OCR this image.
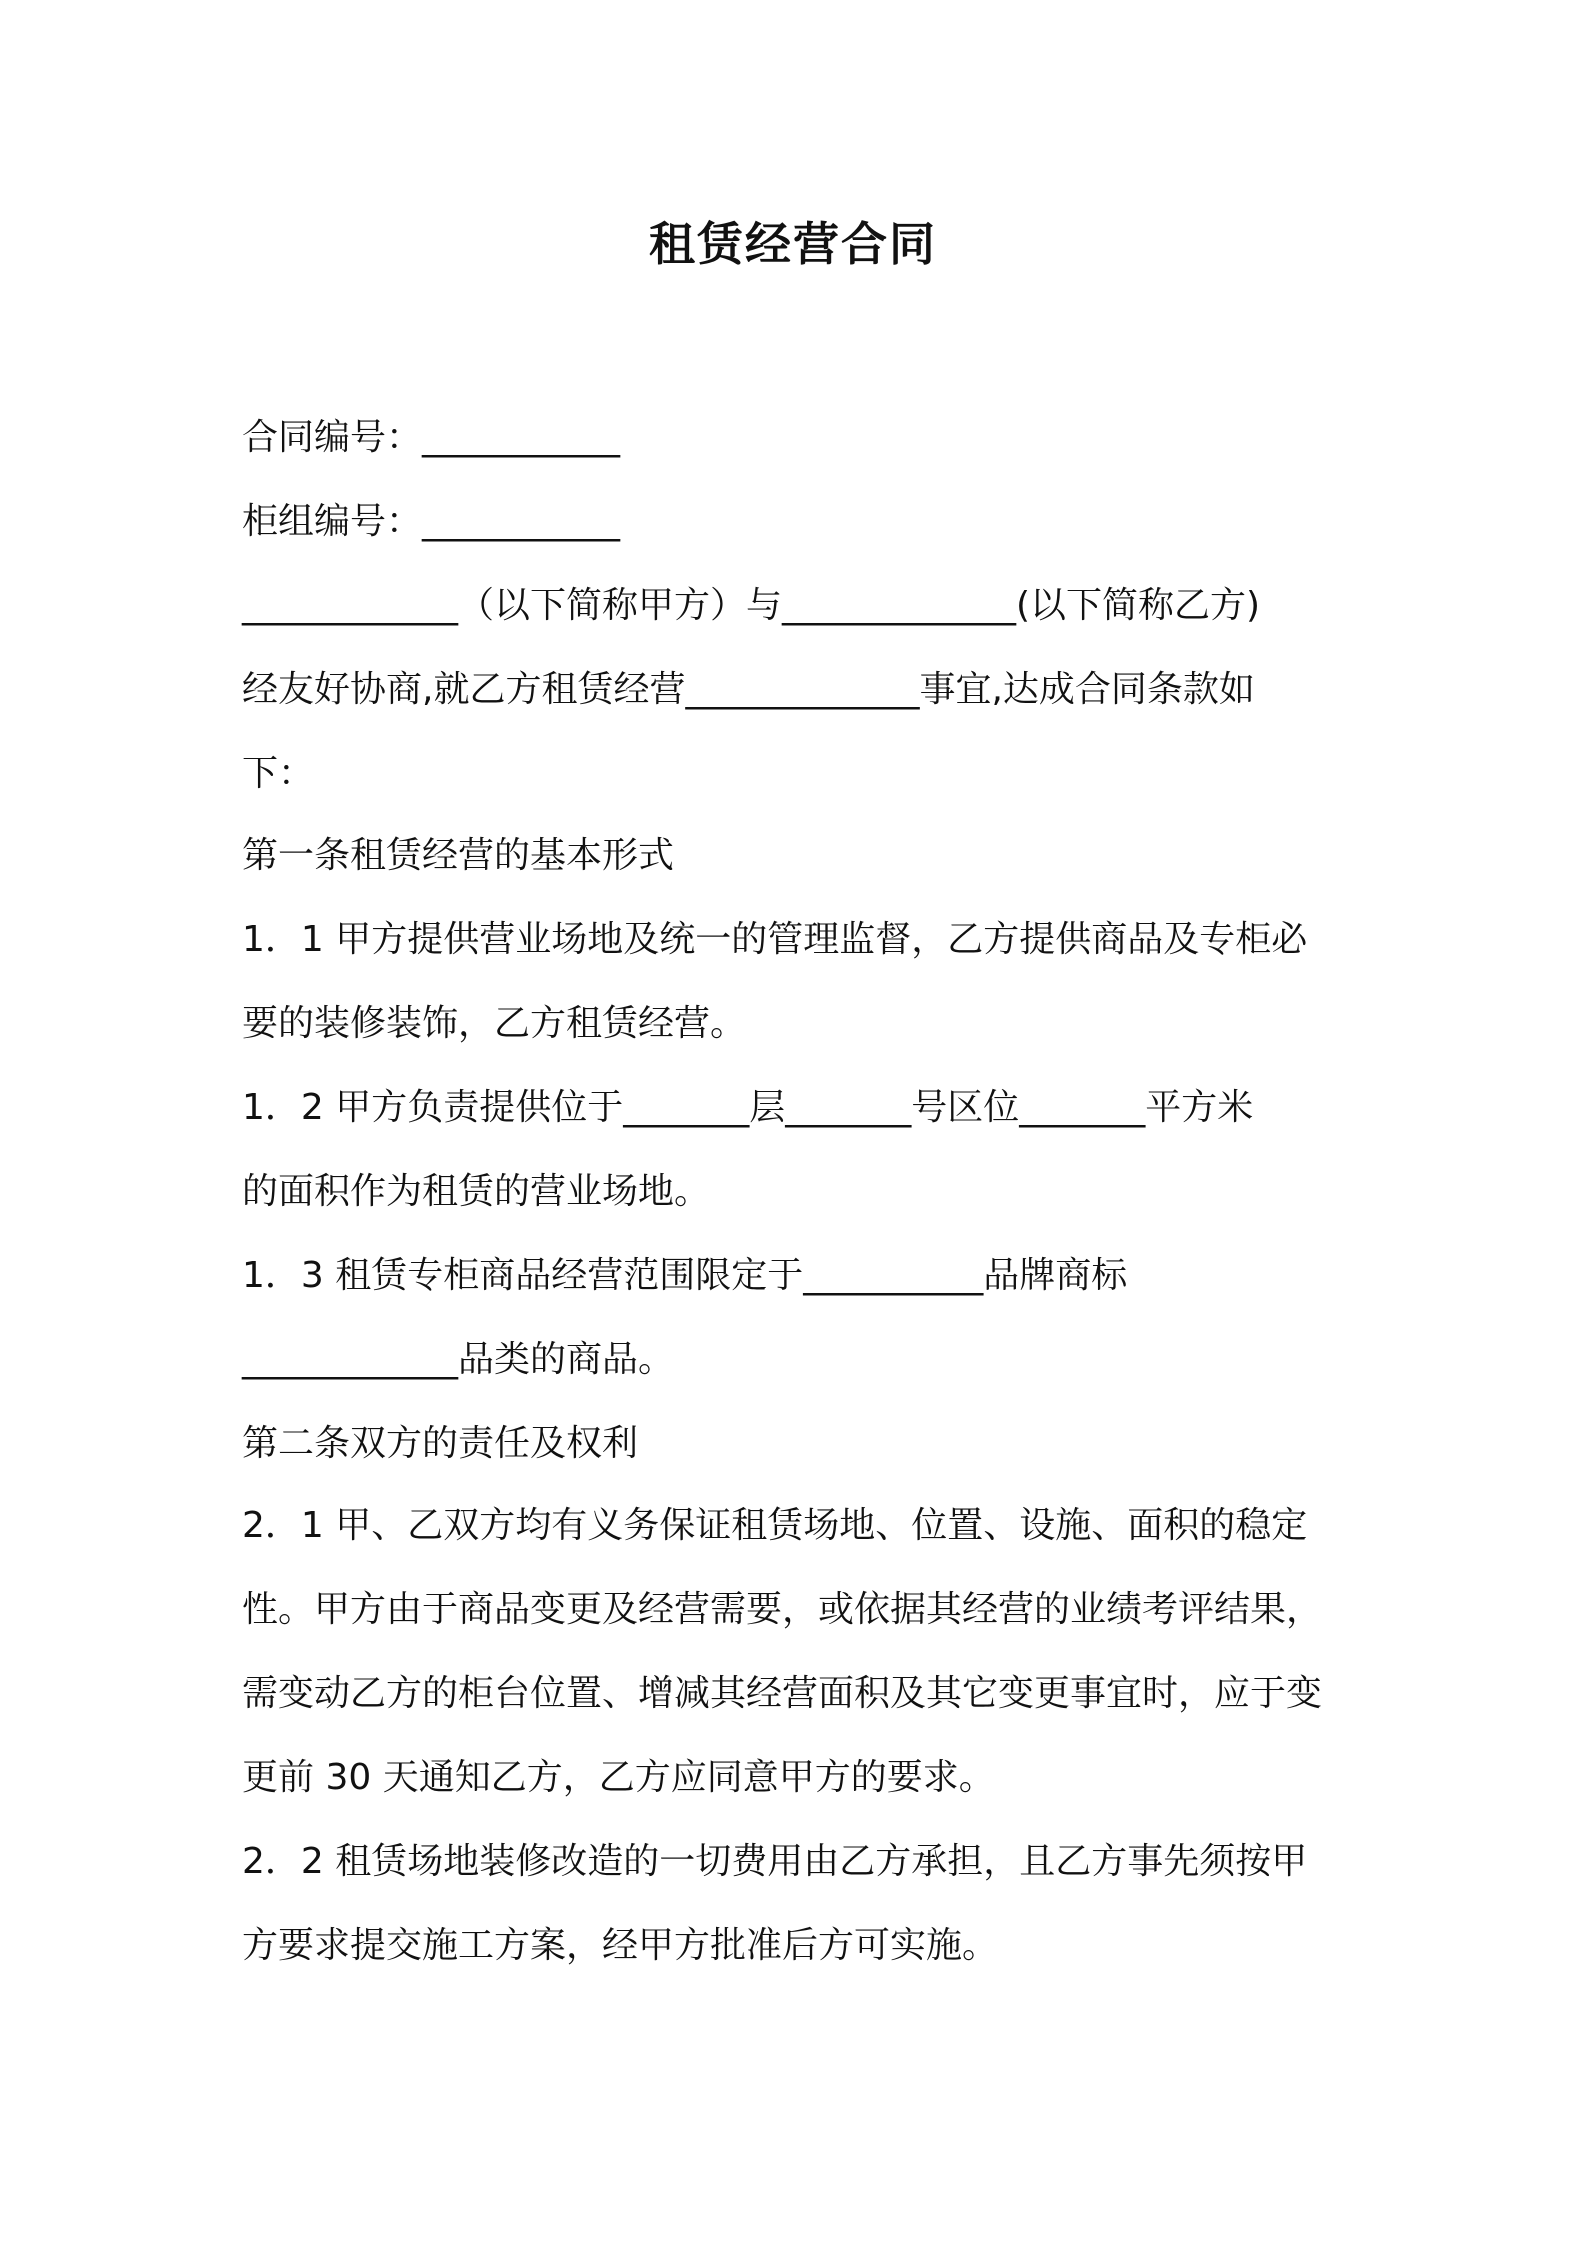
租赁经营合同
合同编号：___________
柜组编号：___________
____________（以下简称甲方）与_____________(以下简称乙方)
经友好协商,就乙方租赁经营_____________事宜,达成合同条款如
下：
第一条租赁经营的基本形式
1．1 甲方提供营业场地及统一的管理监督，乙方提供商品及专柜必
要的装修装饰，乙方租赁经营。
1．2 甲方负责提供位于_______层_______号区位_______平方米
的面积作为租赁的营业场地。
1．3 租赁专柜商品经营范围限定于__________品牌商标
____________品类的商品。
第二条双方的责任及权利
2．1 甲、乙双方均有义务保证租赁场地、位置、设施、面积的稳定
性。甲方由于商品变更及经营需要，或依据其经营的业绩考评结果，
需变动乙方的柜台位置、增减其经营面积及其它变更事宜时，应于变
更前 30 天通知乙方，乙方应同意甲方的要求。
2．2 租赁场地装修改造的一切费用由乙方承担，且乙方事先须按甲
方要求提交施工方案，经甲方批准后方可实施。
